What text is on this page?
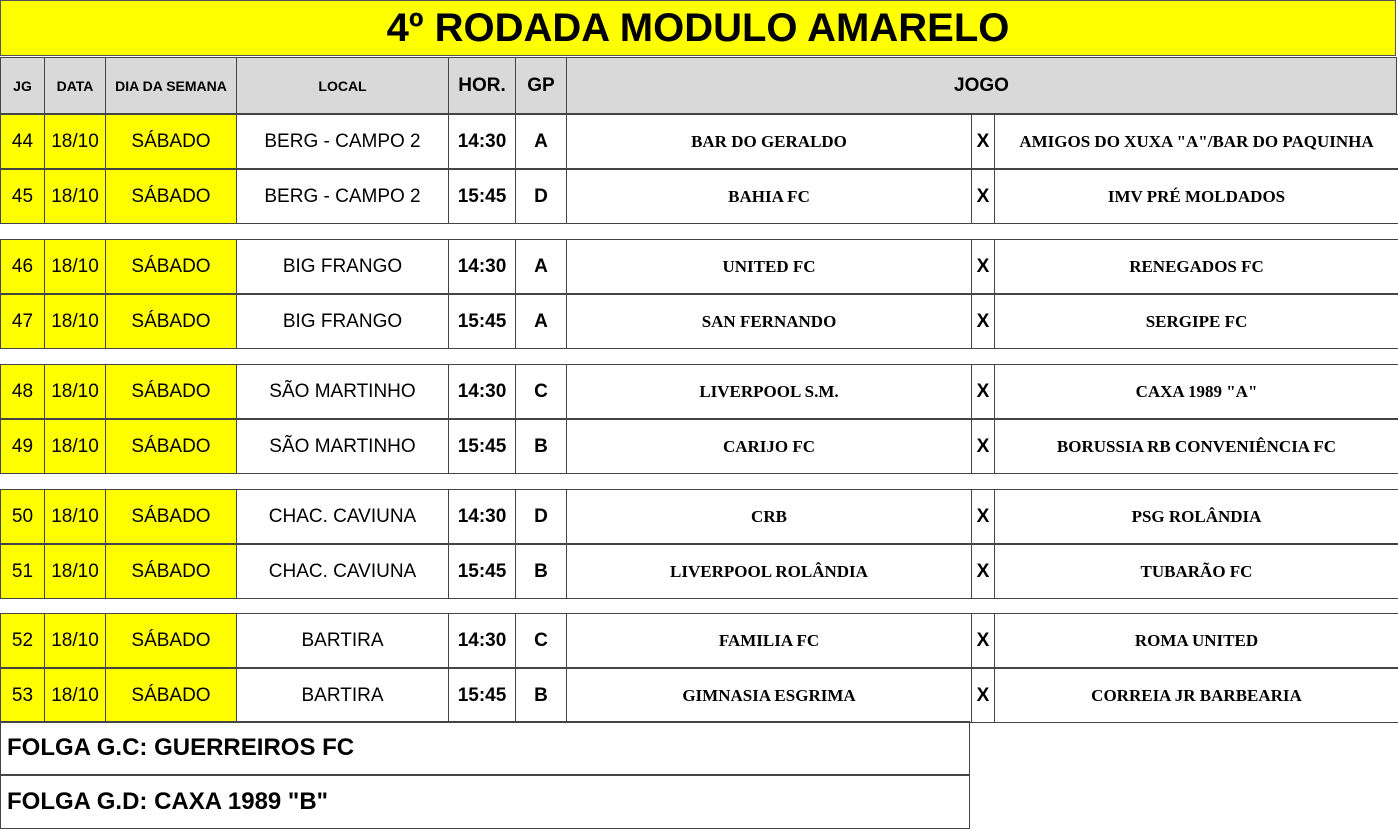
4º RODADA MODULO AMARELO
JG	DATA	DIA DA SEMANA	LOCAL	HOR.	GP	JOGO
44 18/10	SÁBADO	BERG - CAMPO 2	14:30	A	BAR DO GERALDO	X	AMIGOS DO XUXA "A"/BAR DO PAQUINHA
45 18/10	SÁBADO	BERG - CAMPO 2	15:45	D	BAHIA FC	X	IMV PRÉ MOLDADOS
46 18/10	SÁBADO	BIG FRANGO	14:30	A	UNITED FC	X	RENEGADOS FC
47 18/10	SÁBADO	BIG FRANGO	15:45	A	SAN FERNANDO	X	SERGIPE FC
48 18/10	SÁBADO	SÃO MARTINHO	14:30	C	LIVERPOOL S.M.	X	CAXA 1989 "A"
49 18/10	SÁBADO	SÃO MARTINHO	15:45	B	CARIJO FC	X	BORUSSIA RB CONVENIÊNCIA FC
50 18/10	SÁBADO	CHAC. CAVIUNA	14:30	D	CRB	X	PSG ROLÂNDIA
51 18/10	SÁBADO	CHAC. CAVIUNA	15:45	B	LIVERPOOL ROLÂNDIA	X	TUBARÃO FC
52 18/10	SÁBADO	BARTIRA	14:30	C	FAMILIA FC	X	ROMA UNITED
53 18/10	SÁBADO	BARTIRA	15:45	B	GIMNASIA ESGRIMA	X	CORREIA JR BARBEARIA
FOLGA G.C: GUERREIROS FC
FOLGA G.D: CAXA 1989 "B"
